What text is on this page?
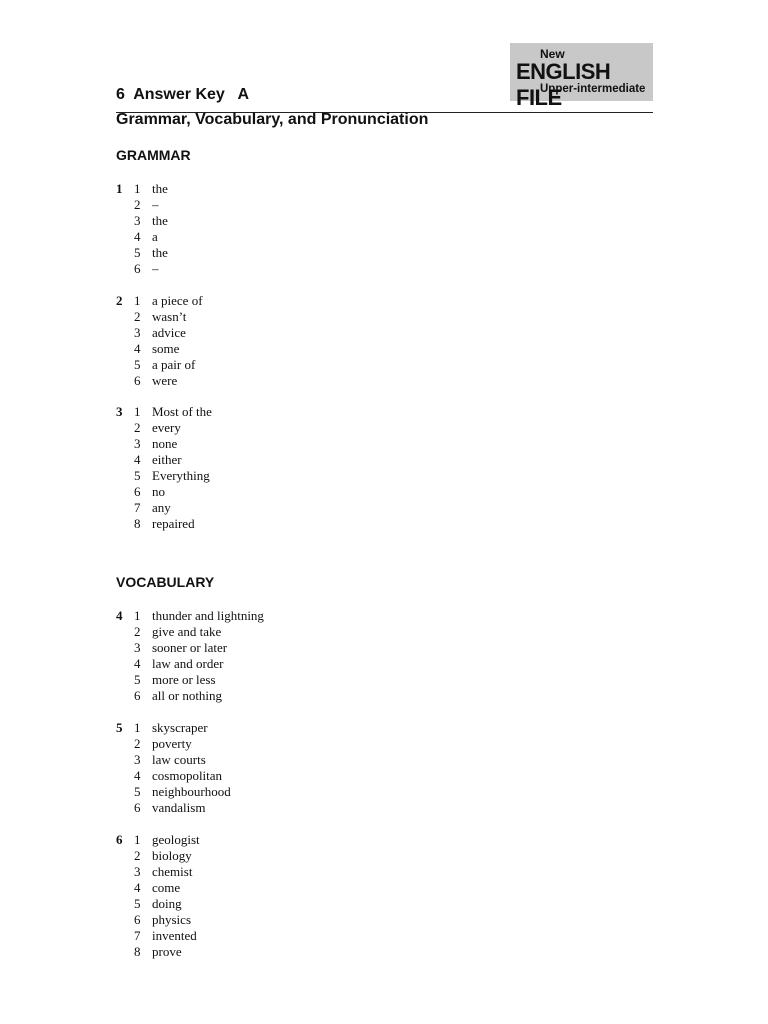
New
ENGLISH FILE
Upper-intermediate
6  Answer Key   A
Grammar, Vocabulary, and Pronunciation
GRAMMAR
VOCABULARY
1 1 the
2 –
3 the
4 a
5 the
6 –
2 1 a piece of
2 wasn’t
3 advice
4 some
5 a pair of
6 were
3 1 Most of the
2 every
3 none
4 either
5 Everything
6 no
7 any
8 repaired
4 1 thunder and lightning
2 give and take
3 sooner or later
4 law and order
5 more or less
6 all or nothing
5 1 skyscraper
2 poverty
3 law courts
4 cosmopolitan
5 neighbourhood
6 vandalism
6 1 geologist
2 biology
3 chemist
4 come
5 doing
6 physics
7 invented
8 prove
